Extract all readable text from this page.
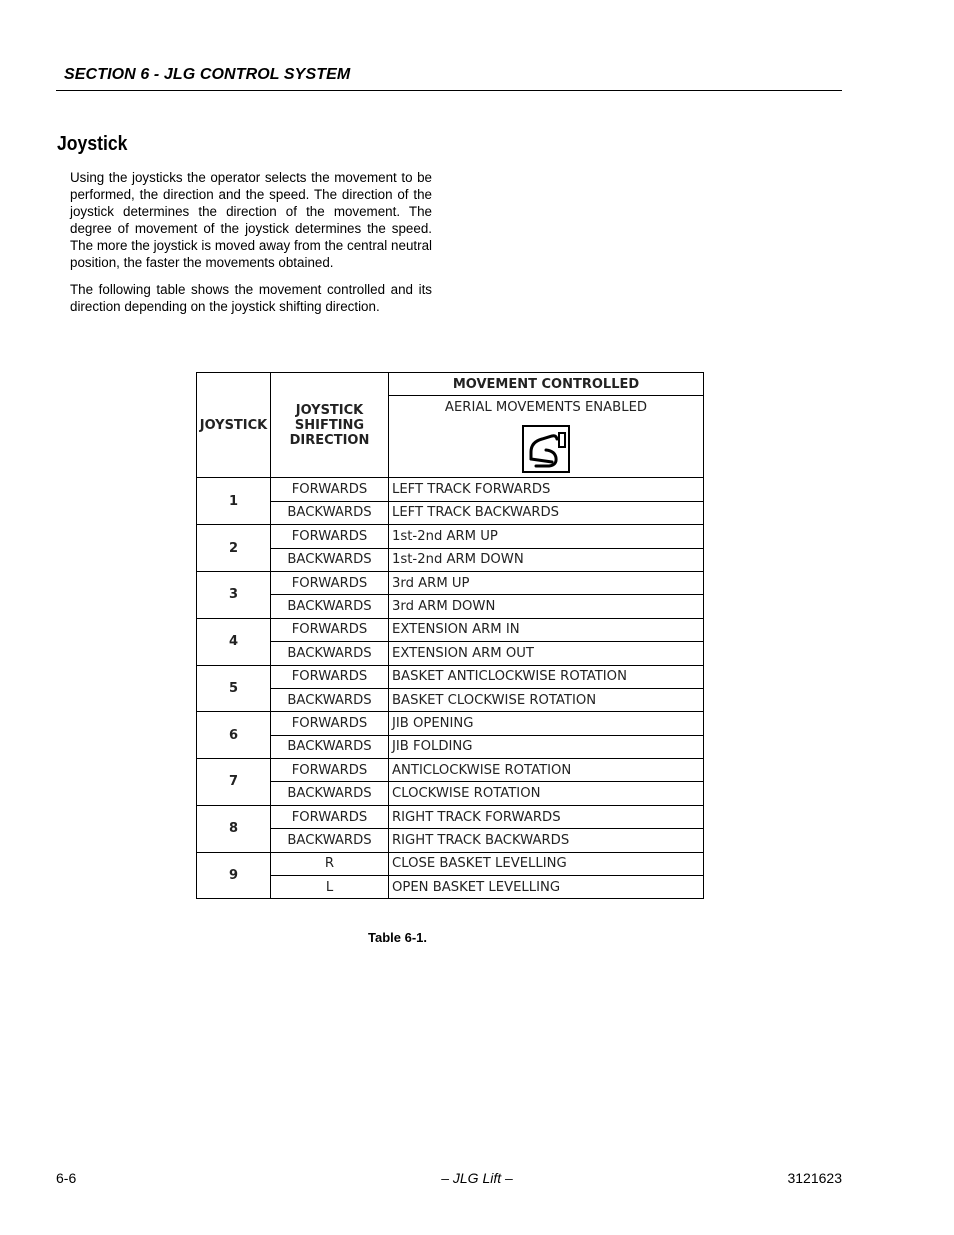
SECTION 6 - JLG CONTROL SYSTEM
Joystick
Using the joysticks the operator selects the movement to be performed, the direction and the speed. The direction of the joystick determines the direction of the movement. The degree of movement of the joystick determines the speed. The more the joystick is moved away from the central neutral position, the faster the movements obtained.
The following table shows the movement controlled and its direction depending on the joystick shifting direction.
JOYSTICK	JOYSTICK SHIFTING DIRECTION	MOVEMENT CONTROLLED

		AERIAL MOVEMENTS ENABLED

1	FORWARDS	LEFT TRACK FORWARDS
	BACKWARDS	LEFT TRACK BACKWARDS
2	FORWARDS	1st-2nd ARM UP
	BACKWARDS	1st-2nd ARM DOWN
3	FORWARDS	3rd ARM UP
	BACKWARDS	3rd ARM DOWN
4	FORWARDS	EXTENSION ARM IN
	BACKWARDS	EXTENSION ARM OUT
5	FORWARDS	BASKET ANTICLOCKWISE ROTATION
	BACKWARDS	BASKET CLOCKWISE ROTATION
6	FORWARDS	JIB OPENING
	BACKWARDS	JIB FOLDING
7	FORWARDS	ANTICLOCKWISE ROTATION
	BACKWARDS	CLOCKWISE ROTATION
8	FORWARDS	RIGHT TRACK FORWARDS
	BACKWARDS	RIGHT TRACK BACKWARDS
9	R	CLOSE BASKET LEVELLING
	L	OPEN BASKET LEVELLING
Table 6-1.
6-6	– JLG Lift –	3121623
